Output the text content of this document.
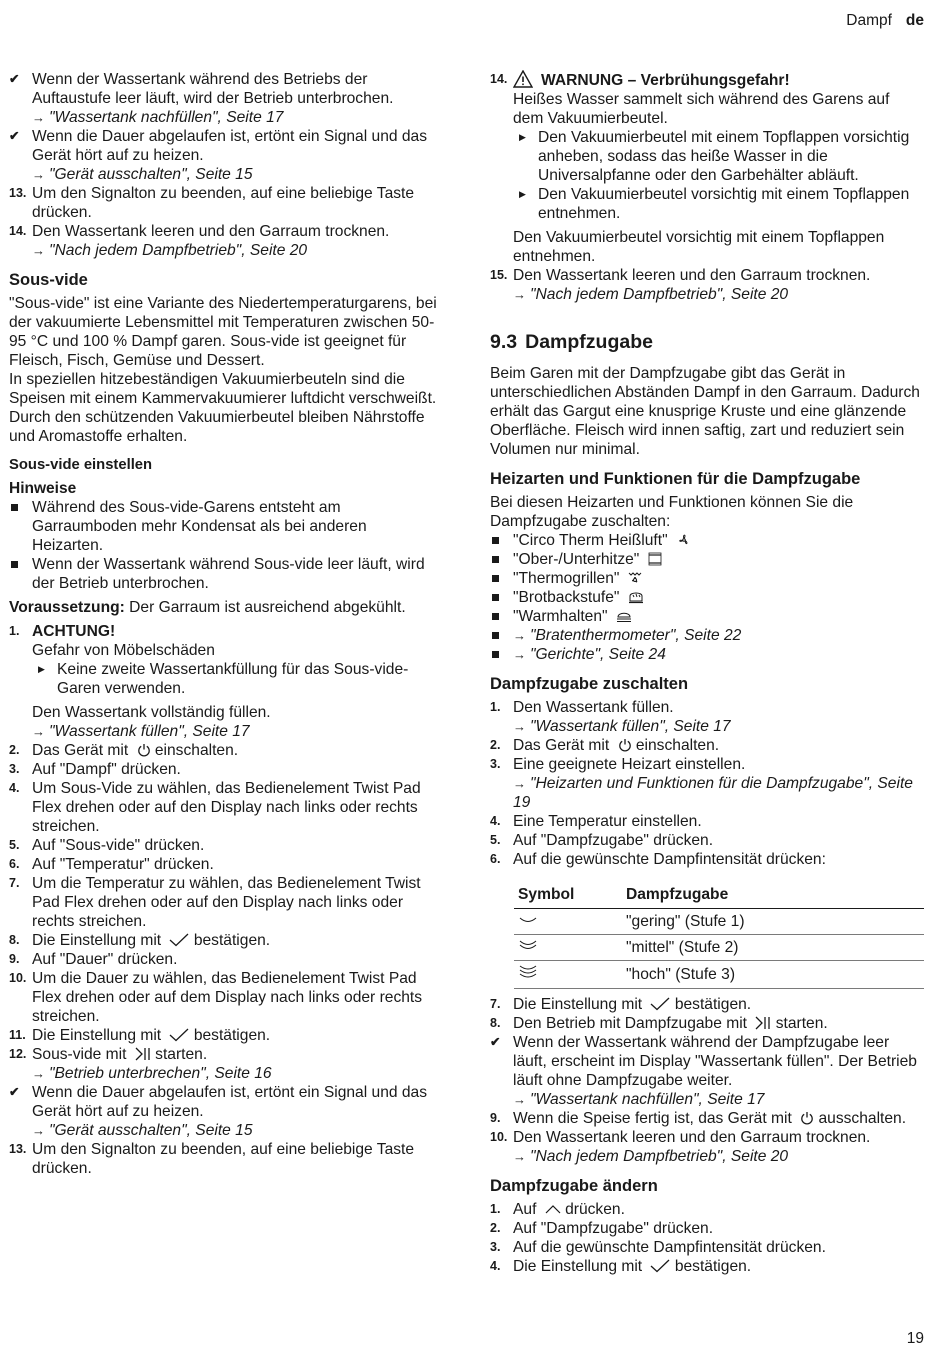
Dampf de
✔ Wenn der Wassertank während des Betriebs der Auftaustufe leer läuft, wird der Betrieb unterbrochen.

→ "Wassertank nachfüllen", Seite 17
✔ Wenn die Dauer abgelaufen ist, ertönt ein Signal und das Gerät hört auf zu heizen.

→ "Gerät ausschalten", Seite 15
13. Um den Signalton zu beenden, auf eine beliebige Taste drücken.

14. Den Wassertank leeren und den Garraum trocknen.

→ "Nach jedem Dampfbetrieb", Seite 20
Sous-vide

"Sous-vide" ist eine Variante des Niedertemperaturgarens, bei der vakuumierte Lebensmittel mit Temperaturen zwischen 50-95 °C und 100 % Dampf garen. Sous-vide ist geeignet für Fleisch, Fisch, Gemüse und Dessert.

In speziellen hitzebeständigen Vakuumierbeuteln sind die Speisen mit einem Kammervakuumierer luftdicht verschweißt. Durch den schützenden Vakuumierbeutel bleiben Nährstoffe und Aromastoffe erhalten.

Sous-vide einstellen
Hinweise

Während des Sous-vide-Garens entsteht am Garraumboden mehr Kondensat als bei anderen Heizarten.

Wenn der Wassertank während Sous-vide leer läuft, wird der Betrieb unterbrochen.

Voraussetzung: Der Garraum ist ausreichend abgekühlt.

1. ACHTUNG!

Gefahr von Möbelschäden

▶ Keine zweite Wassertankfüllung für das Sous-vide-Garen verwenden.

Den Wassertank vollständig füllen.

→ "Wassertank füllen", Seite 17
2. Das Gerät mit einschalten.

3. Auf "Dampf" drücken.

4. Um Sous-Vide zu wählen, das Bedienelement Twist Pad Flex drehen oder auf den Display nach links oder rechts streichen.

5. Auf "Sous-vide" drücken.

6. Auf "Temperatur" drücken.

7. Um die Temperatur zu wählen, das Bedienelement Twist Pad Flex drehen oder auf den Display nach links oder rechts streichen.

8. Die Einstellung mit bestätigen.

9. Auf "Dauer" drücken.

10. Um die Dauer zu wählen, das Bedienelement Twist Pad Flex drehen oder auf dem Display nach links oder rechts streichen.

11. Die Einstellung mit bestätigen.

12. Sous-vide mit starten.

→ "Betrieb unterbrechen", Seite 16
✔ Wenn die Dauer abgelaufen ist, ertönt ein Signal und das Gerät hört auf zu heizen.

→ "Gerät ausschalten", Seite 15
13. Um den Signalton zu beenden, auf eine beliebige Taste drücken.

14.	WARNUNG – Verbrühungsgefahr!

Heißes Wasser sammelt sich während des Garens auf dem Vakuumierbeutel.

▶ Den Vakuumierbeutel mit einem Topflappen vorsichtig anheben, sodass das heiße Wasser in die Universalpfanne oder den Garbehälter abläuft.

▶ Den Vakuumierbeutel vorsichtig mit einem Topflappen entnehmen.

Den Vakuumierbeutel vorsichtig mit einem Topflappen entnehmen.

15. Den Wassertank leeren und den Garraum trocknen.

→ "Nach jedem Dampfbetrieb", Seite 20
9.3 Dampfzugabe

Beim Garen mit der Dampfzugabe gibt das Gerät in unterschiedlichen Abständen Dampf in den Garraum. Dadurch erhält das Gargut eine knusprige Kruste und eine glänzende Oberfläche. Fleisch wird innen saftig, zart und reduziert sein Volumen nur minimal.

Heizarten und Funktionen für die Dampfzugabe

Bei diesen Heizarten und Funktionen können Sie die Dampfzugabe zuschalten:

"Circo Therm Heißluft"

"Ober-/Unterhitze"

"Thermogrillen"

"Brotbackstufe"

"Warmhalten"

→ "Bratenthermometer", Seite 22
→ "Gerichte", Seite 24
Dampfzugabe zuschalten
1. Den Wassertank füllen.

→ "Wassertank füllen", Seite 17
2. Das Gerät mit einschalten.

3. Eine geeignete Heizart einstellen.

→ "Heizarten und Funktionen für die Dampfzugabe", Seite 19
4. Eine Temperatur einstellen.

5. Auf "Dampfzugabe" drücken.

6. Auf die gewünschte Dampfintensität drücken:

Symbol	Dampfzugabe
	"gering" (Stufe 1)
	"mittel" (Stufe 2)
	"hoch" (Stufe 3)
7. Die Einstellung mit bestätigen.

8. Den Betrieb mit Dampfzugabe mit starten.

✔ Wenn der Wassertank während der Dampfzugabe leer läuft, erscheint im Display "Wassertank füllen". Der Betrieb läuft ohne Dampfzugabe weiter.

→ "Wassertank nachfüllen", Seite 17
9. Wenn die Speise fertig ist, das Gerät mit ausschalten.

10. Den Wassertank leeren und den Garraum trocknen.

→ "Nach jedem Dampfbetrieb", Seite 20
Dampfzugabe ändern
1. Auf drücken.

2. Auf "Dampfzugabe" drücken.

3. Auf die gewünschte Dampfintensität drücken.

4. Die Einstellung mit bestätigen.

19
